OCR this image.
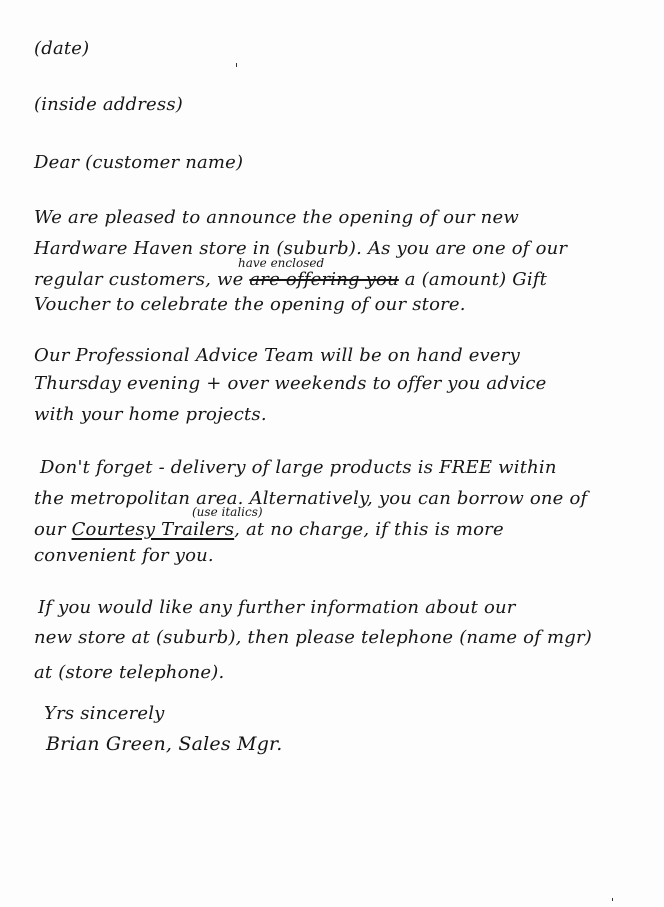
(date)
(inside address)
Dear (customer name)
We are pleased to announce the opening of our new
Hardware Haven store in (suburb). As you are one of our
have enclosed
regular customers, we are offering you a (amount) Gift
Voucher to celebrate the opening of our store.
Our Professional Advice Team will be on hand every
Thursday evening + over weekends to offer you advice
with your home projects.
Don't forget - delivery of large products is FREE within
the metropolitan area. Alternatively, you can borrow one of
(use italics)
our Courtesy Trailers, at no charge, if this is more
convenient for you.
If you would like any further information about our
new store at (suburb), then please telephone (name of mgr)
at (store telephone).
Yrs sincerely
Brian Green, Sales Mgr.
